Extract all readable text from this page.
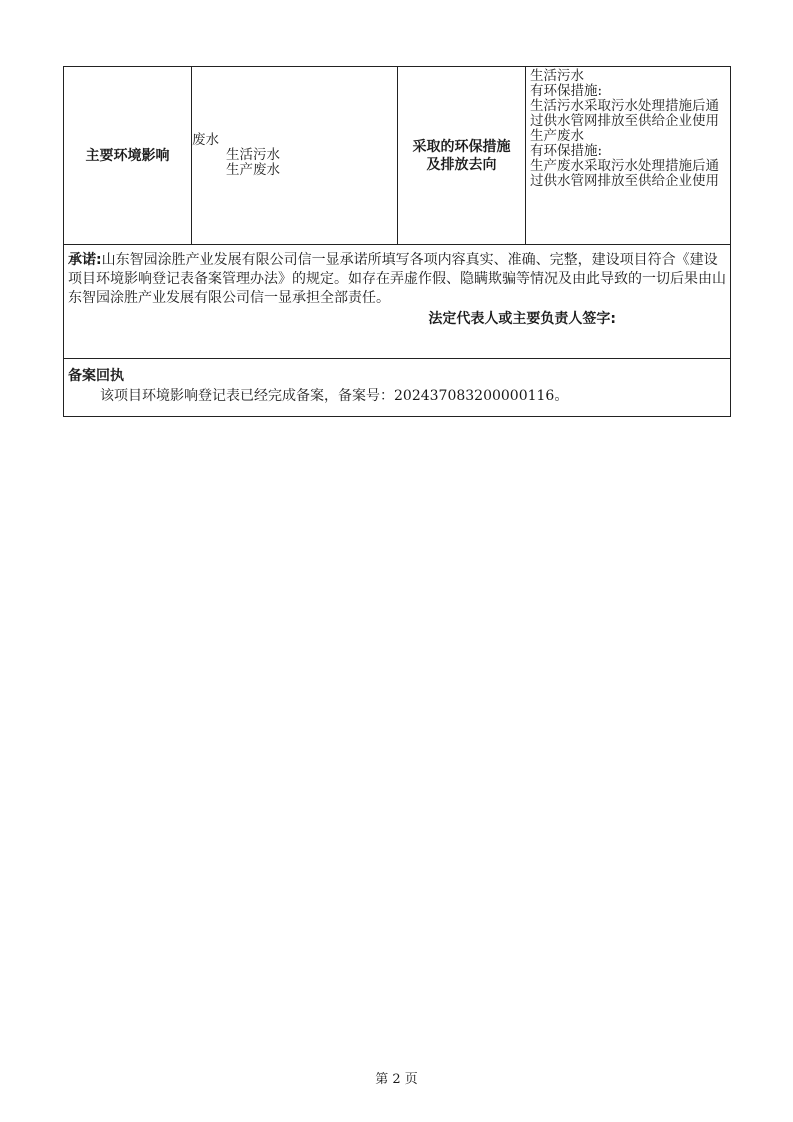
主要环境影响	
废水
生活污水
生产废水

采取的环保措施
及排放去向

生活污水
有环保措施:
生活污水采取污水处理措施后通过供水管网排放至供给企业使用
生产废水
有环保措施:
生产废水采取污水处理措施后通过供水管网排放至供给企业使用

承诺:山东智园涂胜产业发展有限公司信一显承诺所填写各项内容真实、准确、完整，建设项目符合《建设项目环境影响登记表备案管理办法》的规定。如存在弄虚作假、隐瞒欺骗等情况及由此导致的一切后果由山东智园涂胜产业发展有限公司信一显承担全部责任。
法定代表人或主要负责人签字:

备案回执
该项目环境影响登记表已经完成备案，备案号：202437083200000116。
第 2 页
